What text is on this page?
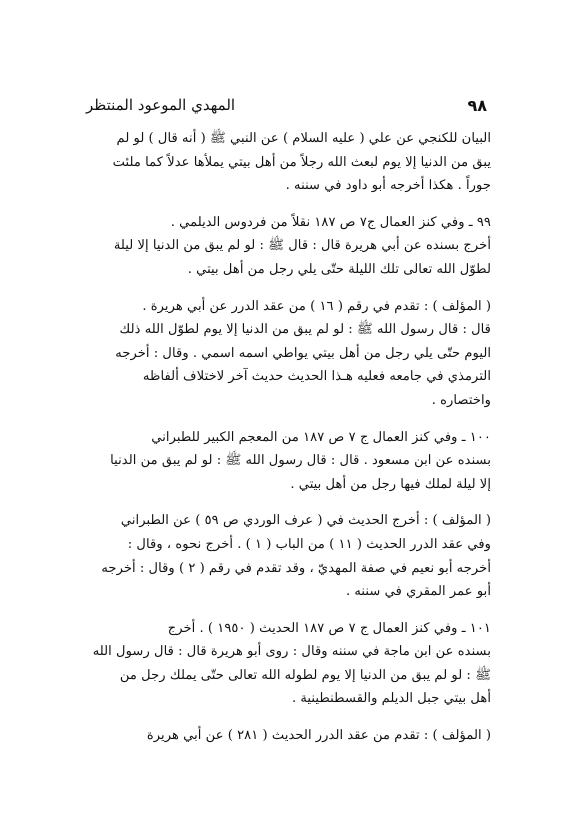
٩٨
المهدي الموعود المنتظر
البيان للكنجي عن علي ( عليه السلام ) عن النبي ﷺ ( أنه قال ) لو لم
يبق من الدنيا إلا يوم لبعث الله رجلاً من أهل بيتي يملأها عدلاً كما ملئت
جوراً . هكذا أخرجه أبو داود في سننه .
٩٩ ـ وفي كنز العمال ج٧ ص ١٨٧ نقلاً من فردوس الديلمي .
أخرج بسنده عن أبي هريرة قال : قال ﷺ : لو لم يبق من الدنيا إلا ليلة
لطوّل الله تعالى تلك الليلة حتّى يلي رجل من أهل بيتي .
( المؤلف ) : تقدم في رقم ( ١٦ ) من عقد الدرر عن أبي هريرة .
قال : قال رسول الله ﷺ : لو لم يبق من الدنيا إلا يوم لطوّل الله ذلك
اليوم حتّى يلي رجل من أهل بيتي يواطي اسمه اسمي . وقال : أخرجه
الترمذي في جامعه فعليه هـذا الحديث حديث آخر لاختلاف ألفاظه
واختصاره .
١٠٠ ـ وفي كنز العمال ج ٧ ص ١٨٧ من المعجم الكبير للطبراني
بسنده عن ابن مسعود . قال : قال رسول الله ﷺ : لو لم يبق من الدنيا
إلا ليلة لملك فيها رجل من أهل بيتي .
( المؤلف ) : أخرج الحديث في ( عرف الوردي ص ٥٩ ) عن الطبراني
وفي عقد الدرر الحديث ( ١١ ) من الباب ( ١ ) . أخرج نحوه ، وقال :
أخرجه أبو نعيم في صفة المهديّ ، وقد تقدم في رقم ( ٢ ) وقال : أخرجه
أبو عمر المقري في سننه .
١٠١ ـ وفي كنز العمال ج ٧ ص ١٨٧ الحديث ( ١٩٥٠ ) . أخرج
بسنده عن ابن ماجة في سننه وقال : روى أبو هريرة قال : قال رسول الله
ﷺ : لو لم يبق من الدنيا إلا يوم لطوله الله تعالى حتّى يملك رجل من
أهل بيتي جبل الديلم والقسطنطينية .
( المؤلف ) : تقدم من عقد الدرر الحديث ( ٢٨١ ) عن أبي هريرة
